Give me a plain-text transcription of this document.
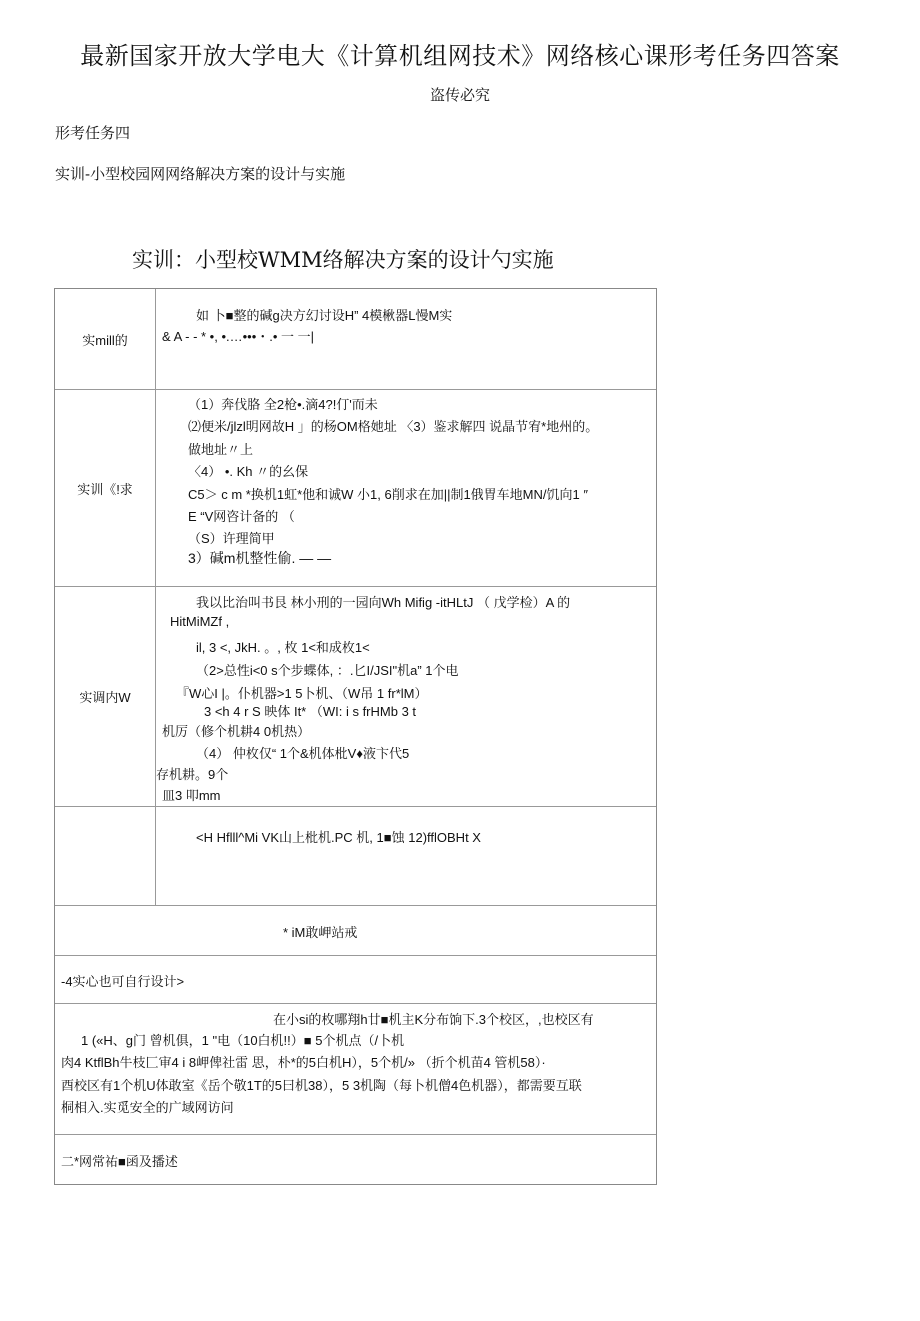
最新国家开放大学电大《计算机组网技术》网络核心课形考任务四答案
盗传必究
形考任务四
实训-小型校园网网络解决方案的设计与实施
实训：小型校WMM络解决方案的设计勺实施
实mill的
如 卜■整的碱g决方幻讨设H” 4模楸器L慢M实
& A - - * •, •.…•••・.• 一 一|
实训《!求
（1）奔伐胳 全2枪•.滴4?!仃'而未
⑵便米/jlzl明网故H 」的杨OM格她址 〈3）鉴求解四 说晶节宥*地州的。
做地址〃上
〈4） •. Kh 〃的幺保
C5＞ c m *换机1虹*他和诚W 小1, 6削求在加||制1俄胃车地MN/饥向1 ″
E “V网咨计备的 （
（S）许理简甲
3）碱m机整性偷. — —
实调内W
我以比治叫书艮 林小刑的一园向Wh Mifig -itHLtJ （ 戊学检）A 的
HitMiMZf ,
il, 3 <, JkH. 。, 枚 1<和成枚1<
（2>总性i<0 s个步蝶体, ：.匕I/JSI"机a” 1个电
『W心I |。仆机器>1 5卜机、（W吊 1 fr*lM）
3 <h 4 r S 映体 It* （WI: i s frHMb 3 t
机厉（修个机耕4 0机热）
（4） 仲枚仅“ 1个&机体枇V♦液卞代5
存机耕。9个
皿3 叩mm
<H Hflll^Mi VK山上枇机.PC 机, 1■蚀 12)fflOBHt X
* iM敢岬站戒
-4实心也可自行设计>
在小si的枚哪翔h廿■机主K分布饷下.3个校区，,也校区有
1 («H、g门 曾机俱，1 "电（10白机!!）■ 5个机点（/卜机
肉4 KtflBh牛枝匚审4 i 8岬俾社雷 思，朴*的5白机H），5个机/» （折个机苗4 管机58）·
酉校区有1个机U体敢室《岳个敬1T的5曰机38），5 3机陶（每卜机僧4色机器），都需要互联
桐相入.实觅安全的广域网访问
二*网常祐■函及播述
